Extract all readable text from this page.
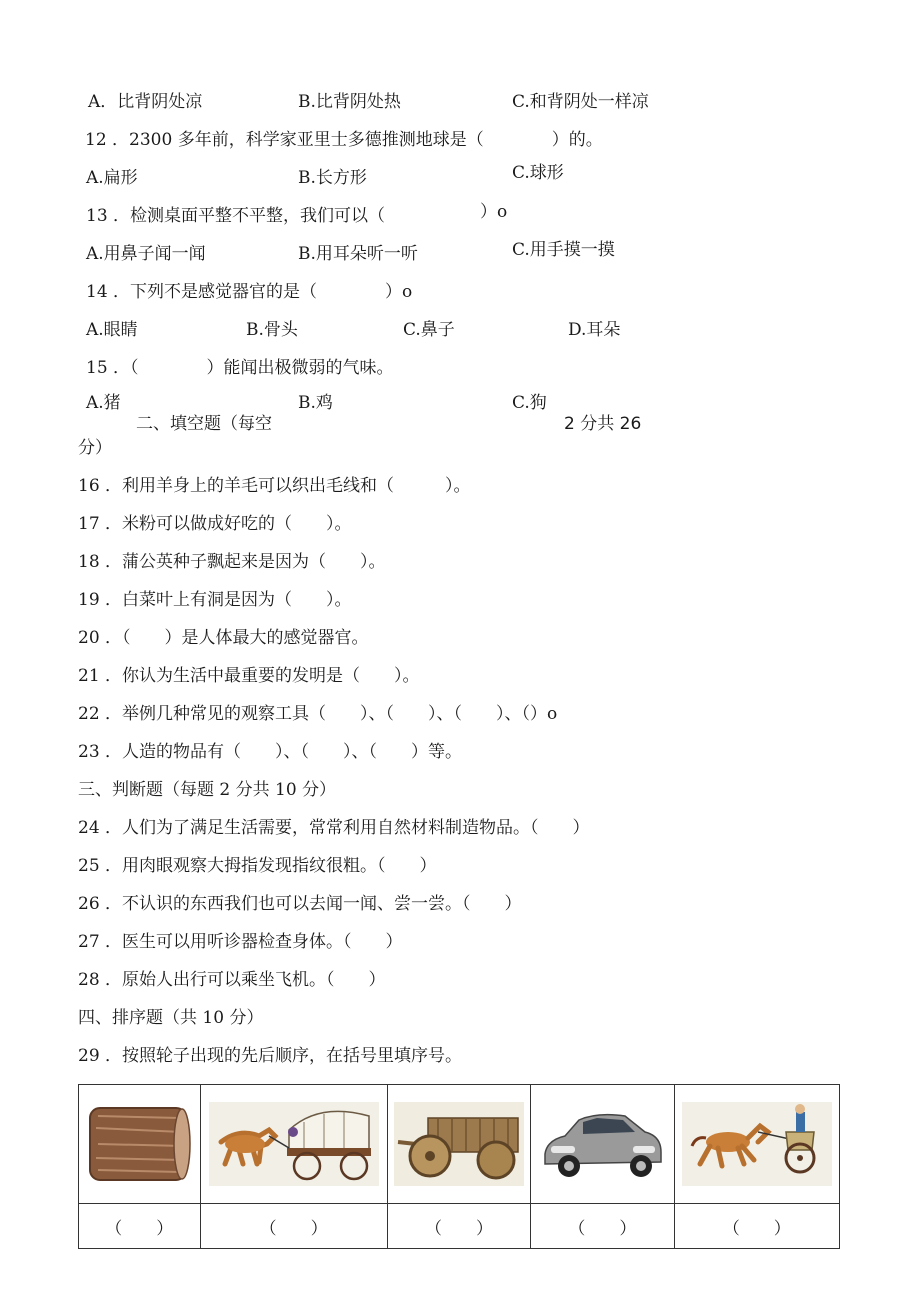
A．比背阴处凉	B.比背阴处热	C.和背阴处一样凉
12 ．2300 多年前，科学家亚里士多德推测地球是（　　　　）的。
A.扁形	B.长方形	C.球形
13 ．检测桌面平整不平整，我们可以（	）o
A.用鼻子闻一闻	B.用耳朵听一听	C.用手摸一摸
14 ．下列不是感觉器官的是（　　　　）o
A.眼睛	B.骨头	C.鼻子	D.耳朵
15 ．（　　　　）能闻出极微弱的气味。
A.猪	B.鸡	C.狗
二、填空题（每空	2 分共 26
分）
16 ．利用羊身上的羊毛可以织出毛线和（　　　）。
17 ．米粉可以做成好吃的（　　）。
18 ．蒲公英种子飘起来是因为（　　）。
19 ．白菜叶上有洞是因为（　　）。
20 ．（　　）是人体最大的感觉器官。
21 ．你认为生活中最重要的发明是（　　）。
22 ．举例几种常见的观察工具（　　）、（　　）、（　　）、（）o
23 ．人造的物品有（　　）、（　　）、（　　）等。
三、判断题（每题 2 分共 10 分）
24 ．人们为了满足生活需要，常常利用自然材料制造物品。（　　）
25 ．用肉眼观察大拇指发现指纹很粗。（　　）
26 ．不认识的东西我们也可以去闻一闻、尝一尝。（　　）
27 ．医生可以用听诊器检查身体。（　　）
28 ．原始人出行可以乘坐飞机。（　　）
四、排序题（共 10 分）
29 ．按照轮子出现的先后顺序，在括号里填序号。

（　　）	（　　）	（　　）	（　　）	（　　）
